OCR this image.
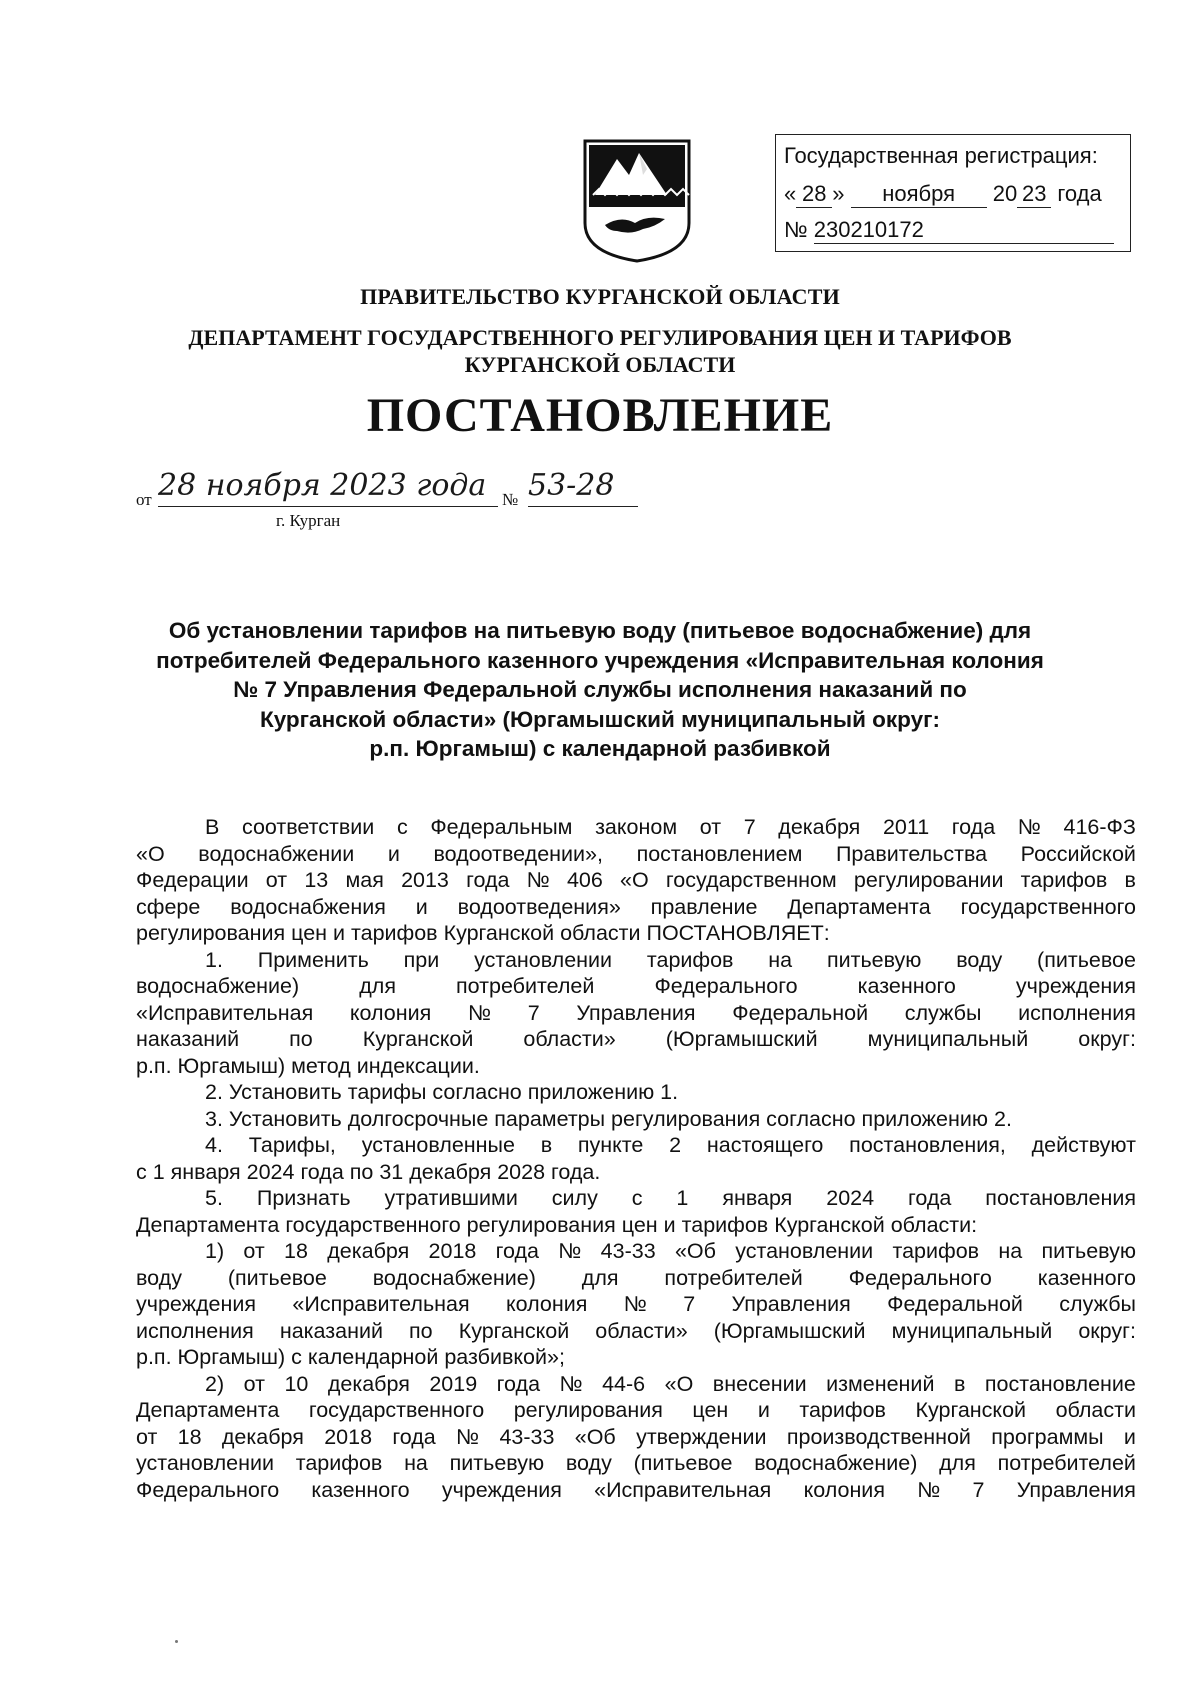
Государственная регистрация:
« 28 » ноября 20 23 года
№ 230210172
ПРАВИТЕЛЬСТВО КУРГАНСКОЙ ОБЛАСТИ
ДЕПАРТАМЕНТ ГОСУДАРСТВЕННОГО РЕГУЛИРОВАНИЯ ЦЕН И ТАРИФОВ
КУРГАНСКОЙ ОБЛАСТИ
ПОСТАНОВЛЕНИЕ
от 28 ноября 2023 года № 53-28
г. Курган
Об установлении тарифов на питьевую воду (питьевое водоснабжение) для
потребителей Федерального казенного учреждения «Исправительная колония
№ 7 Управления Федеральной службы исполнения наказаний по
Курганской области» (Юргамышский муниципальный округ:
р.п. Юргамыш) с календарной разбивкой
В соответствии с Федеральным законом от 7 декабря 2011 года № 416-ФЗ
«О водоснабжении и водоотведении», постановлением Правительства Российской
Федерации от 13 мая 2013 года № 406 «О государственном регулировании тарифов в
сфере водоснабжения и водоотведения» правление Департамента государственного
регулирования цен и тарифов Курганской области ПОСТАНОВЛЯЕТ:
1. Применить при установлении тарифов на питьевую воду (питьевое
водоснабжение)	для	потребителей	Федерального	казенного	учреждения
«Исправительная колония № 7 Управления Федеральной службы исполнения
наказаний по Курганской области» (Юргамышский муниципальный округ:
р.п. Юргамыш) метод индексации.
2. Установить тарифы согласно приложению 1.
3. Установить долгосрочные параметры регулирования согласно приложению 2.
4. Тарифы, установленные в пункте 2 настоящего постановления, действуют
с 1 января 2024 года по 31 декабря 2028 года.
5. Признать утратившими силу с 1 января 2024 года постановления
Департамента государственного регулирования цен и тарифов Курганской области:
1) от 18 декабря 2018 года № 43-33 «Об установлении тарифов на питьевую
воду (питьевое водоснабжение) для потребителей Федерального казенного
учреждения «Исправительная колония № 7 Управления Федеральной службы
исполнения наказаний по Курганской области» (Юргамышский муниципальный округ:
р.п. Юргамыш) с календарной разбивкой»;
2) от 10 декабря 2019 года № 44-6 «О внесении изменений в постановление
Департамента государственного регулирования цен и тарифов Курганской области
от 18 декабря 2018 года № 43-33 «Об утверждении производственной программы и
установлении тарифов на питьевую воду (питьевое водоснабжение) для потребителей
Федерального казенного учреждения «Исправительная колония № 7 Управления
